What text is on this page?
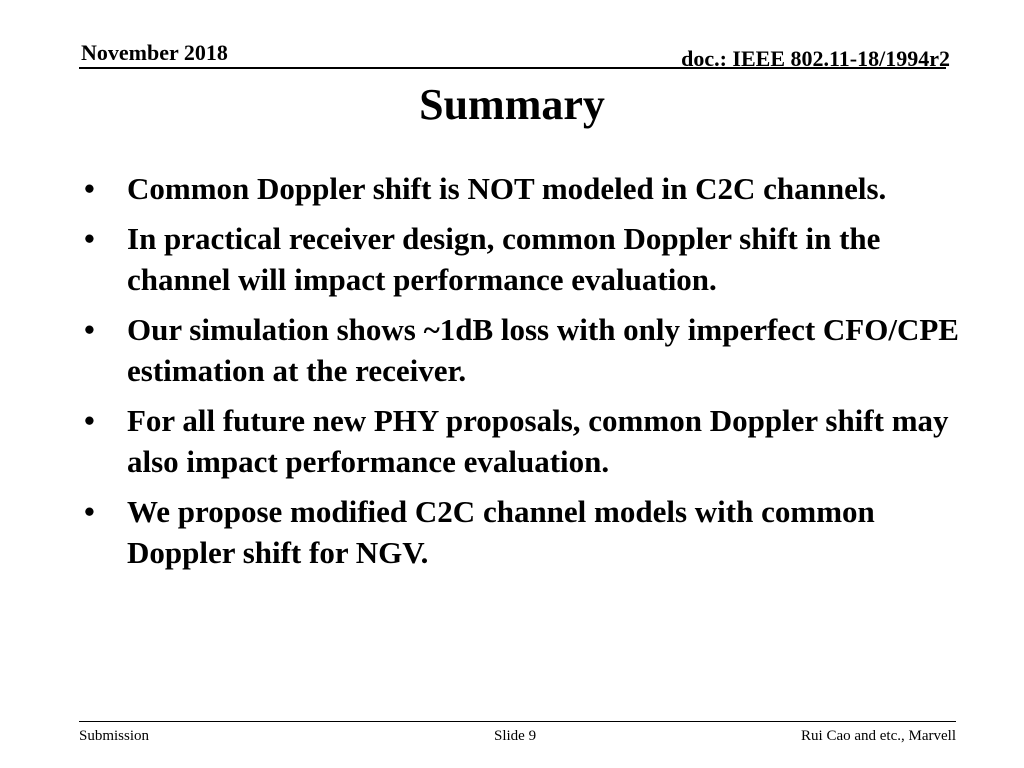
November 2018	doc.: IEEE 802.11-18/1994r2
Summary
•	Common Doppler shift is NOT modeled in C2C channels.
•	In practical receiver design, common Doppler shift in the channel will impact performance evaluation.
•	Our simulation shows ~1dB loss with only imperfect CFO/CPE estimation at the receiver.
•	For all future new PHY proposals, common Doppler shift may also impact performance evaluation.
•	We propose modified C2C channel models with common Doppler shift for NGV.
Submission	Slide 9	Rui Cao and etc., Marvell
